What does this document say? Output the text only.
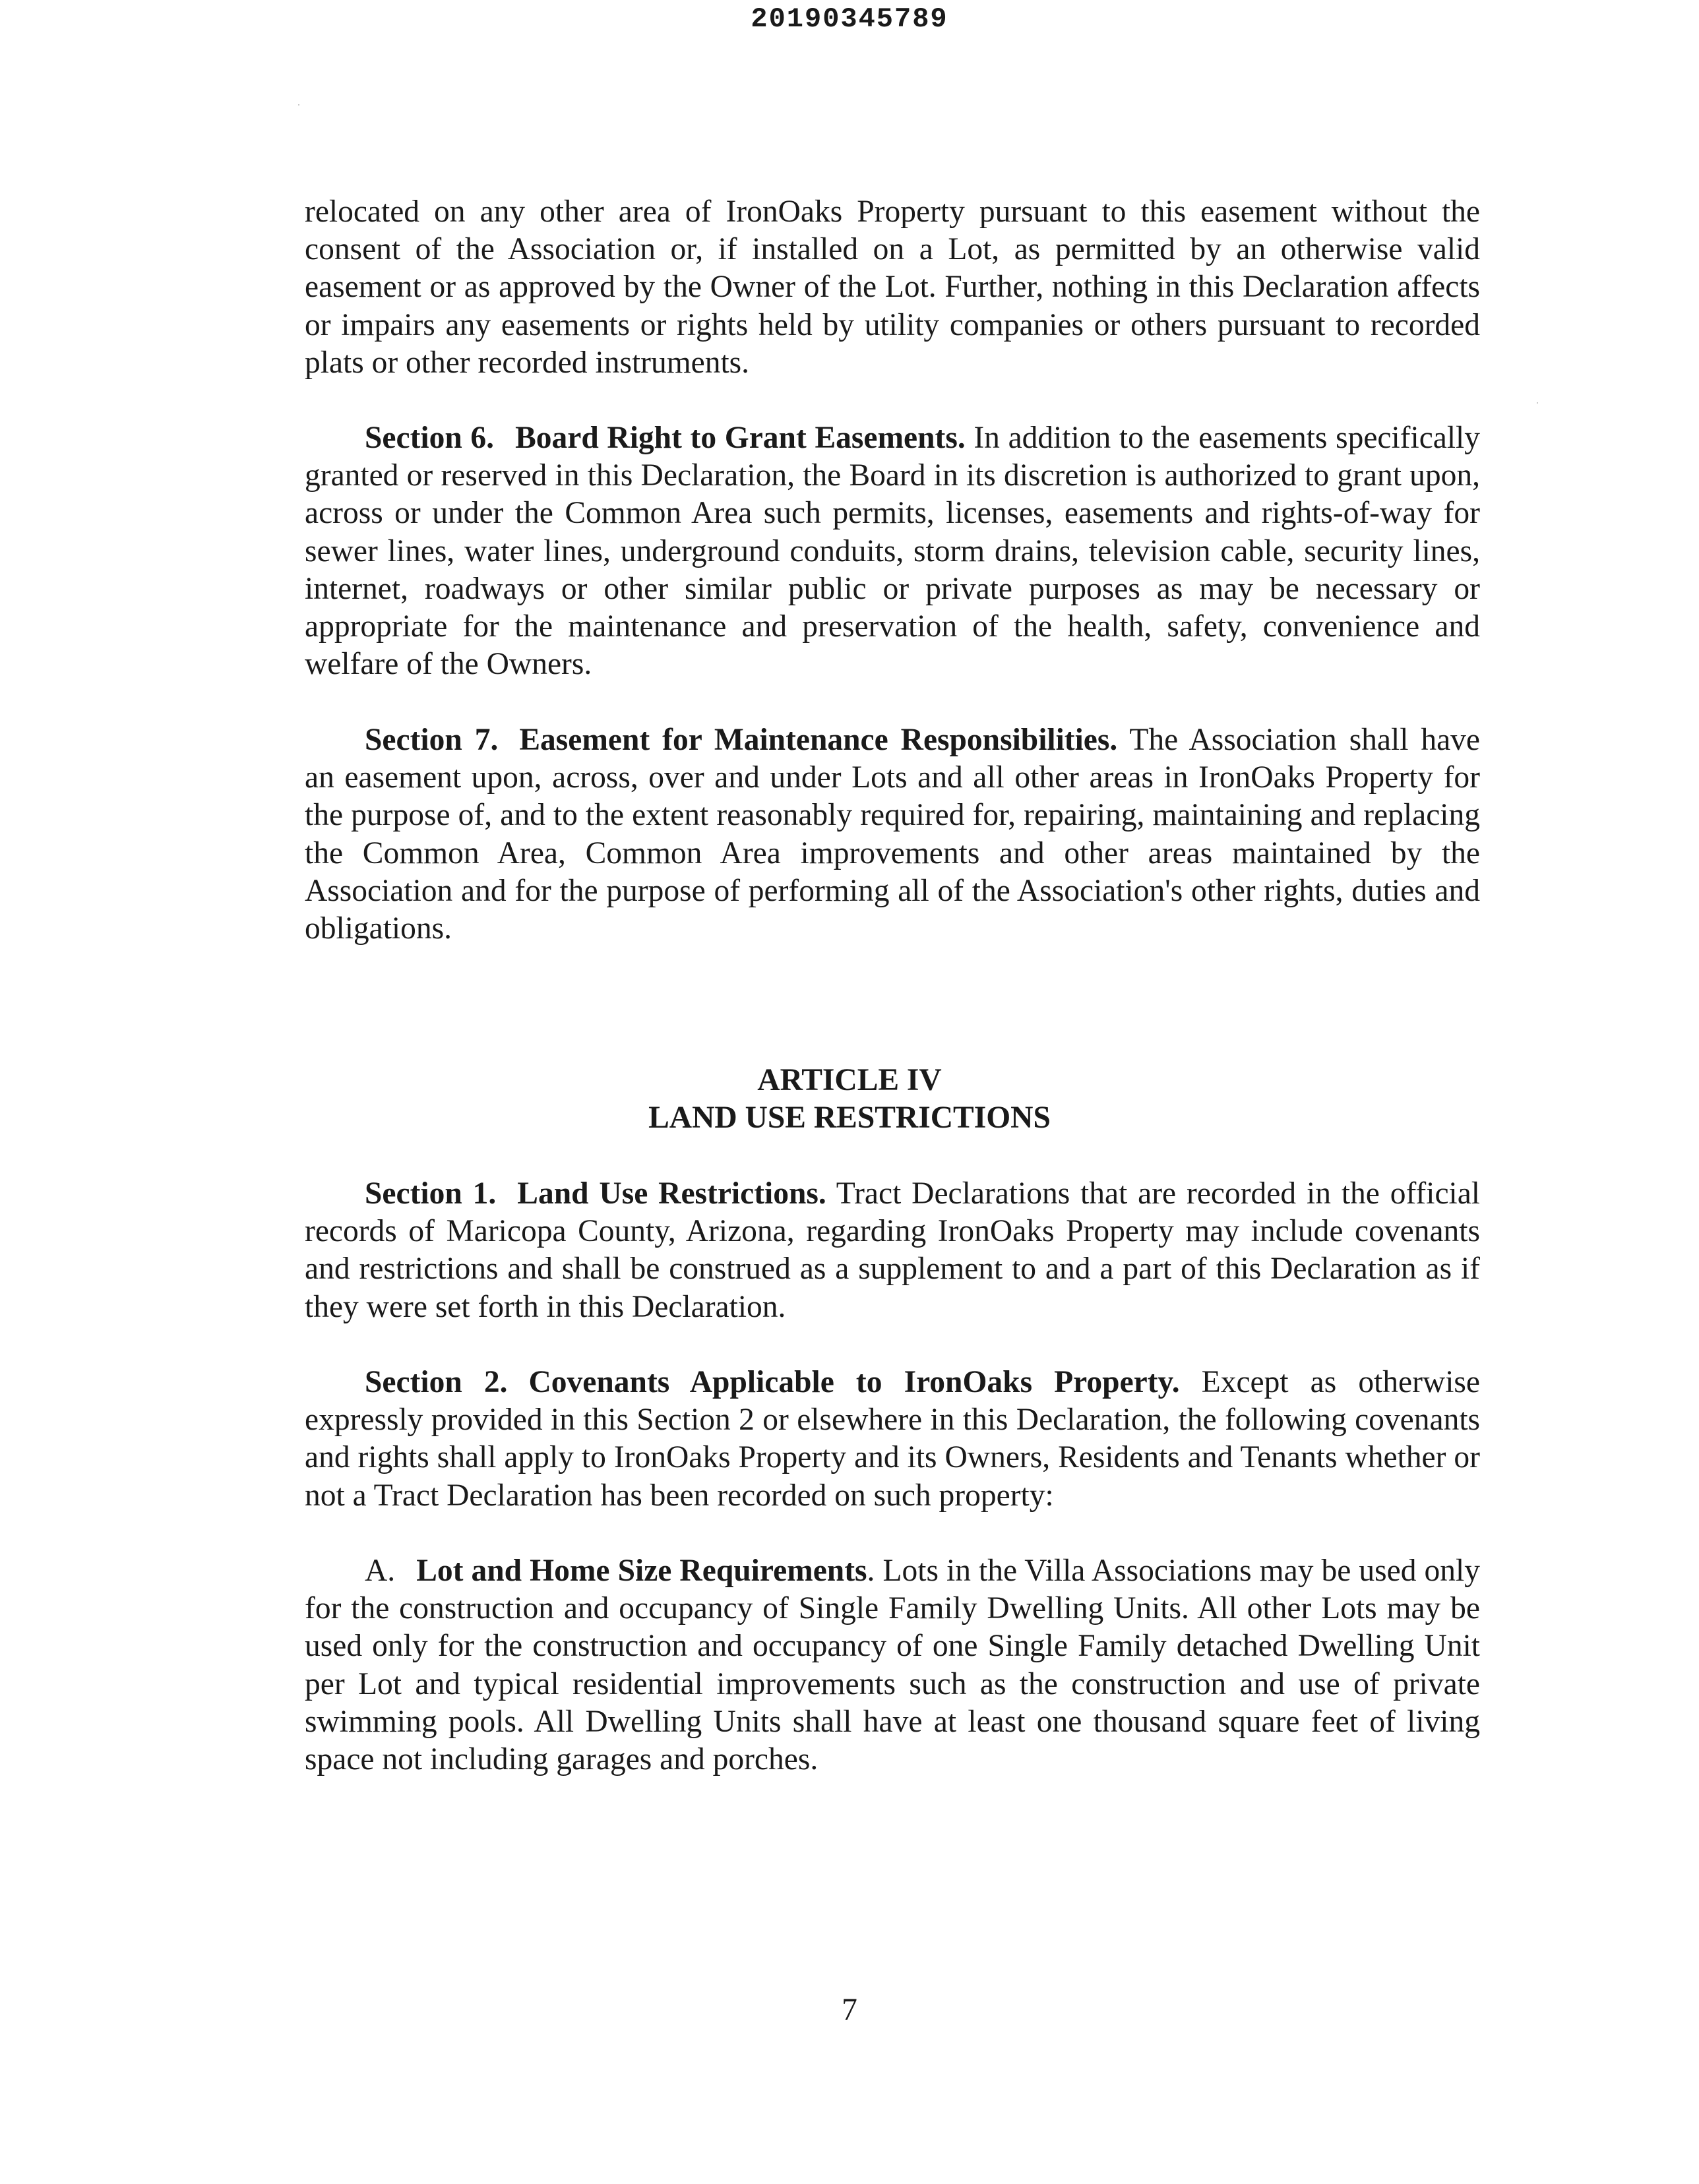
20190345789

relocated on any other area of IronOaks Property pursuant to this easement without the consent of the Association or, if installed on a Lot, as permitted by an otherwise valid easement or as approved by the Owner of the Lot. Further, nothing in this Declaration affects or impairs any easements or rights held by utility companies or others pursuant to recorded plats or other recorded instruments.

Section 6. Board Right to Grant Easements. In addition to the easements specifically granted or reserved in this Declaration, the Board in its discretion is authorized to grant upon, across or under the Common Area such permits, licenses, easements and rights-of-way for sewer lines, water lines, underground conduits, storm drains, television cable, security lines, internet, roadways or other similar public or private purposes as may be necessary or appropriate for the maintenance and preservation of the health, safety, convenience and welfare of the Owners.

Section 7. Easement for Maintenance Responsibilities. The Association shall have an easement upon, across, over and under Lots and all other areas in IronOaks Property for the purpose of, and to the extent reasonably required for, repairing, maintaining and replacing the Common Area, Common Area improvements and other areas maintained by the Association and for the purpose of performing all of the Association's other rights, duties and obligations.

ARTICLE IV
LAND USE RESTRICTIONS

Section 1. Land Use Restrictions. Tract Declarations that are recorded in the official records of Maricopa County, Arizona, regarding IronOaks Property may include covenants and restrictions and shall be construed as a supplement to and a part of this Declaration as if they were set forth in this Declaration.

Section 2. Covenants Applicable to IronOaks Property. Except as otherwise expressly provided in this Section 2 or elsewhere in this Declaration, the following covenants and rights shall apply to IronOaks Property and its Owners, Residents and Tenants whether or not a Tract Declaration has been recorded on such property:

A. Lot and Home Size Requirements. Lots in the Villa Associations may be used only for the construction and occupancy of Single Family Dwelling Units. All other Lots may be used only for the construction and occupancy of one Single Family detached Dwelling Unit per Lot and typical residential improvements such as the construction and use of private swimming pools. All Dwelling Units shall have at least one thousand square feet of living space not including garages and porches.

7
